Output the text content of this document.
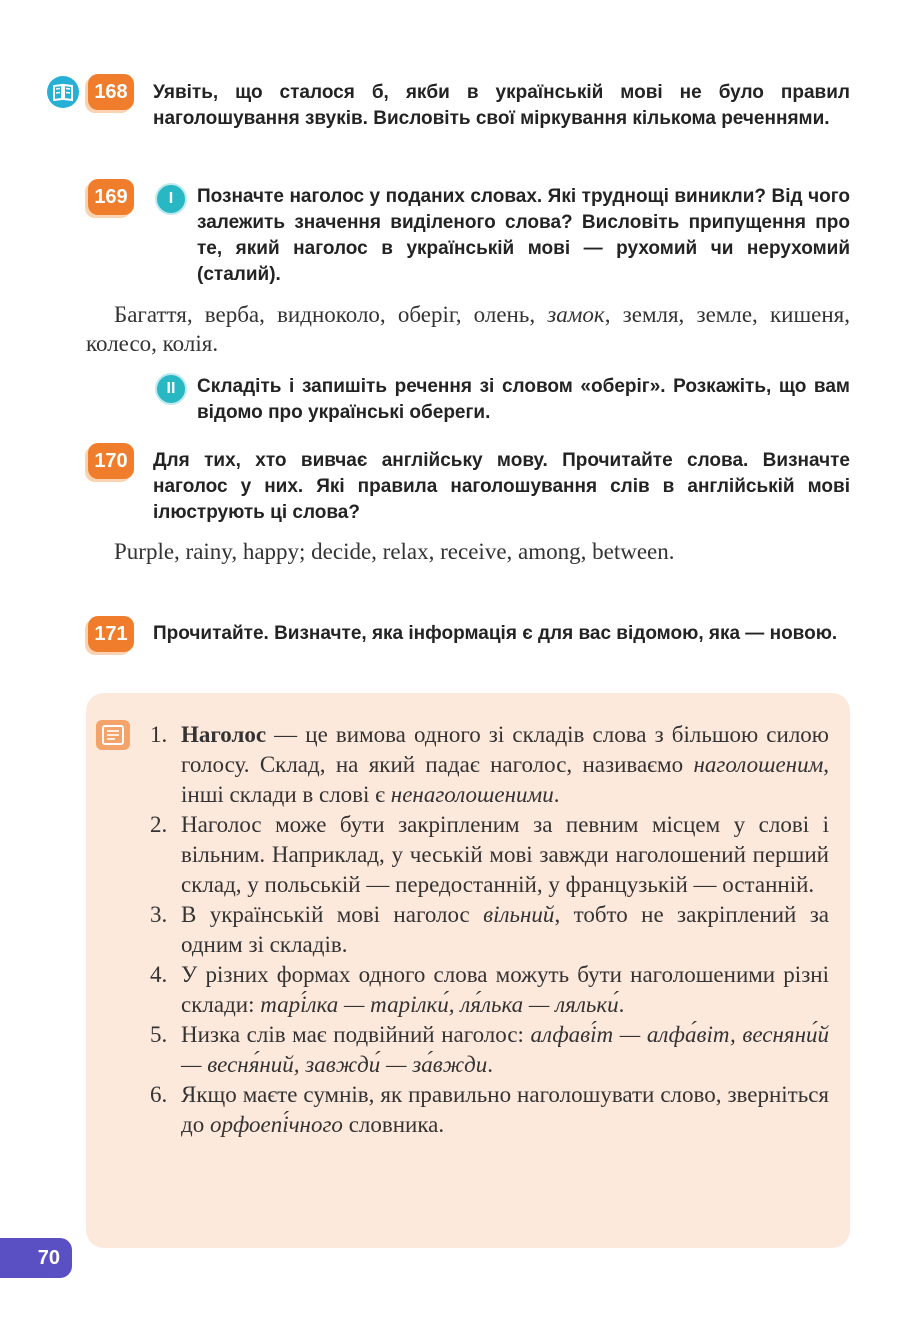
168	Уявіть, що сталося б, якби в українській мові не було правил наголошування звуків. Висловіть свої міркування кількома реченнями.
169	I	Позначте наголос у поданих словах. Які труднощі виникли? Від чого залежить значення виділеного слова? Висловіть припущення про те, який наголос в українській мові — рухомий чи нерухомий (сталий).
Багаття, верба, видноколо, оберіг, олень, замок, земля, земле, кишеня, колесо, колія.
II	Складіть і запишіть речення зі словом «оберіг». Розкажіть, що вам відомо про українські обереги.
170	Для тих, хто вивчає англійську мову. Прочитайте слова. Визначте наголос у них. Які правила наголошування слів в англійській мові ілюструють ці слова?
Purple, rainy, happy; decide, relax, receive, among, between.
171	Прочитайте. Визначте, яка інформація є для вас відомою, яка — новою.
1. Наголос — це вимова одного зі складів слова з більшою силою голосу. Склад, на який падає наголос, називаємо наголошеним, інші склади в слові є ненаголошеними.
2. Наголос може бути закріпленим за певним місцем у слові і вільним. Наприклад, у чеській мові завжди наголошений перший склад, у польській — передостанній, у французькій — останній.
3. В українській мові наголос вільний, тобто не закріплений за одним зі складів.
4. У різних формах одного слова можуть бути наголошеними різні склади: тарі́лка — тарілки́, ля́лька — ляльки́.
5. Низка слів має подвійний наголос: алфаві́т — алфа́віт, весняни́й — весня́ний, завжди́ — за́вжди.
6. Якщо маєте сумнів, як правильно наголошувати слово, зверніться до орфоепі́чного словника.
70
